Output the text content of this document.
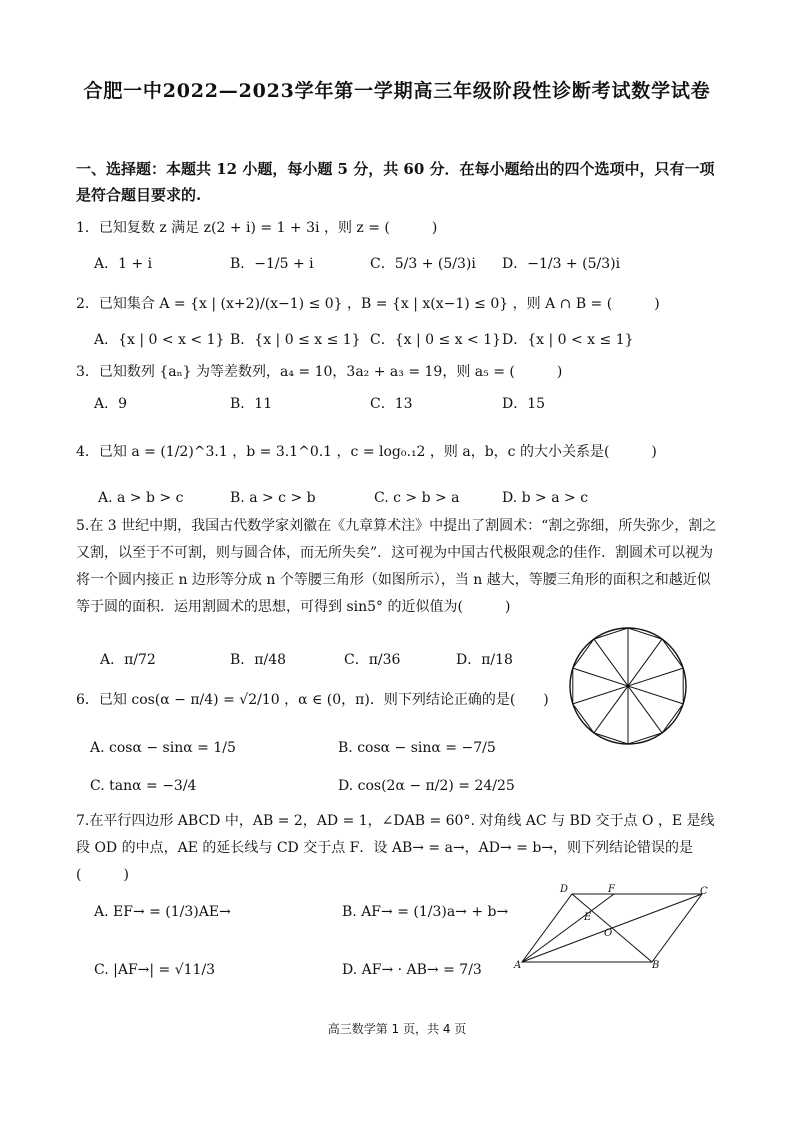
合肥一中2022—2023学年第一学期高三年级阶段性诊断考试数学试卷
一、选择题：本题共 12 小题，每小题 5 分，共 60 分．在每小题给出的四个选项中，只有一项是符合题目要求的.
1．已知复数 z 满足 z(2 + i) = 1 + 3i ，则 z = (　　　)
A．1 + i	B．−1/5 + i	C．5/3 + (5/3)i D．−1/3 + (5/3)i
2．已知集合 A = {x | (x+2)/(x−1) ≤ 0} ，B = {x | x(x−1) ≤ 0} ，则 A ∩ B = (　　　)
A．{x | 0 < x < 1} B．{x | 0 ≤ x ≤ 1} C．{x | 0 ≤ x < 1} D．{x | 0 < x ≤ 1}
3．已知数列 {aₙ} 为等差数列，a₄ = 10，3a₂ + a₃ = 19，则 a₅ = (　　　)
A．9	B．11	C．13	D．15
4．已知 a = (1/2)^3.1 ，b = 3.1^0.1 ，c = log₀.₁2 ，则 a，b，c 的大小关系是(　　　)
A. a > b > c	B. a > c > b	C. c > b > a	D. b > a > c
5.在 3 世纪中期，我国古代数学家刘徽在《九章算术注》中提出了割圆术：“割之弥细，所失弥少，割之又割，以至于不可割，则与圆合体，而无所失矣”．这可视为中国古代极限观念的佳作．割圆术可以视为将一个圆内接正 n 边形等分成 n 个等腰三角形（如图所示），当 n 越大，等腰三角形的面积之和越近似等于圆的面积．运用割圆术的思想，可得到 sin5° 的近似值为(　　　)
A．π/72	B．π/48	C．π/36	D．π/18
6．已知 cos(α − π/4) = √2/10 ，α ∈ (0，π)．则下列结论正确的是(　　)
A. cosα − sinα = 1/5	B. cosα − sinα = −7/5
C. tanα = −3/4	D. cos(2α − π/2) = 24/25
7.在平行四边形 ABCD 中，AB = 2，AD = 1，∠DAB = 60°. 对角线 AC 与 BD 交于点 O ，E 是线段 OD 的中点，AE 的延长线与 CD 交于点 F．设 AB→ = a→，AD→ = b→，则下列结论错误的是(　　　)
A. EF→ = (1/3)AE→	B. AF→ = (1/3)a→ + b→
C. |AF→| = √11/3	D. AF→ · AB→ = 7/3	A	B
C
D
E
F
O
高三数学第 1 页，共 4 页
